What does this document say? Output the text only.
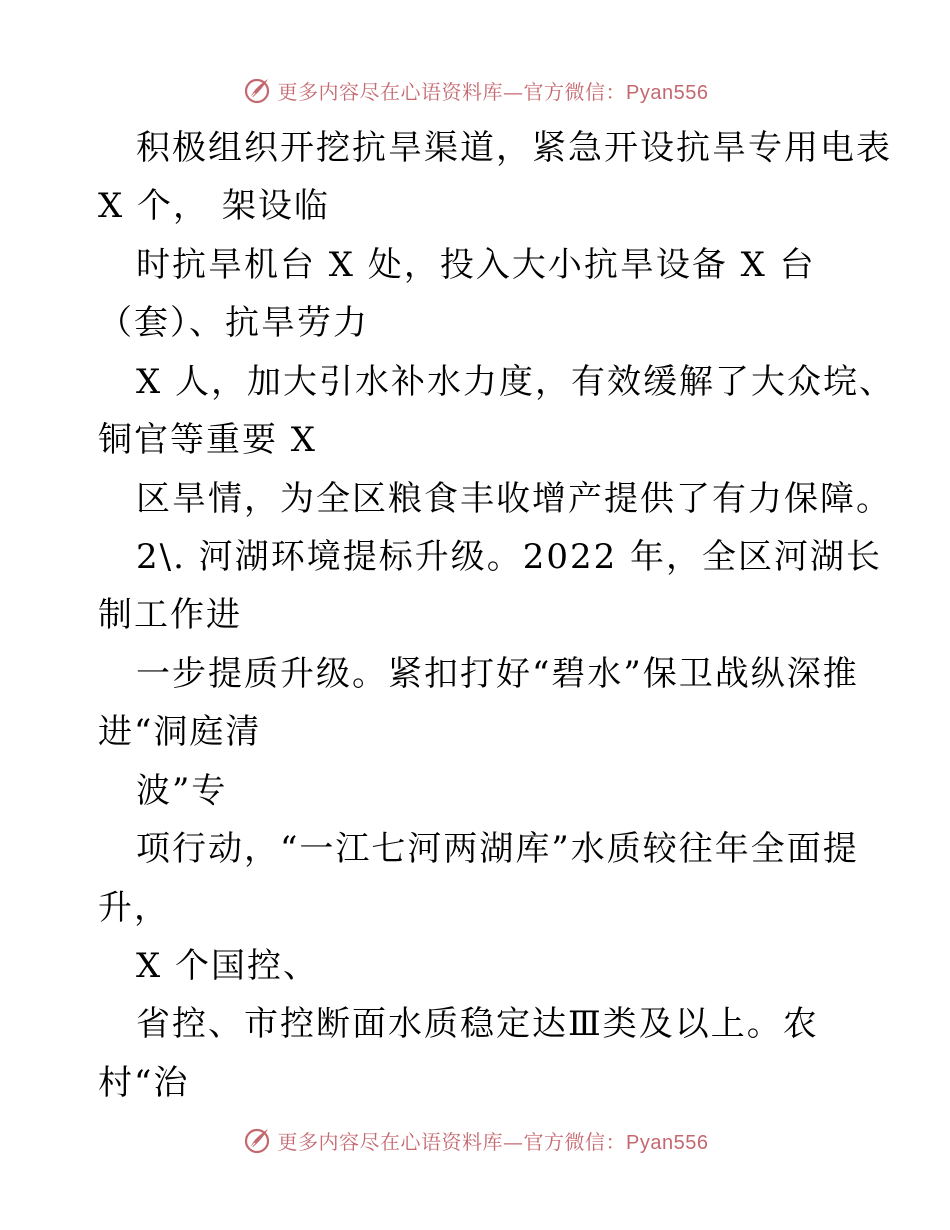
更多内容尽在心语资料库—官方微信：Pyan556
积极组织开挖抗旱渠道，紧急开设抗旱专用电表
X 个， 架设临
时抗旱机台 X 处，投入大小抗旱设备 X 台
（套）、抗旱劳力
X 人，加大引水补水力度，有效缓解了大众垸、
铜官等重要 X
区旱情，为全区粮食丰收增产提供了有力保障。
2\. 河湖环境提标升级。2022 年，全区河湖长
制工作进
一步提质升级。紧扣打好“碧水”保卫战纵深推
进“洞庭清
波”专
项行动，“一江七河两湖库”水质较往年全面提
升，
X 个国控、
省控、市控断面水质稳定达Ⅲ类及以上。农
村“治
更多内容尽在心语资料库—官方微信：Pyan556
